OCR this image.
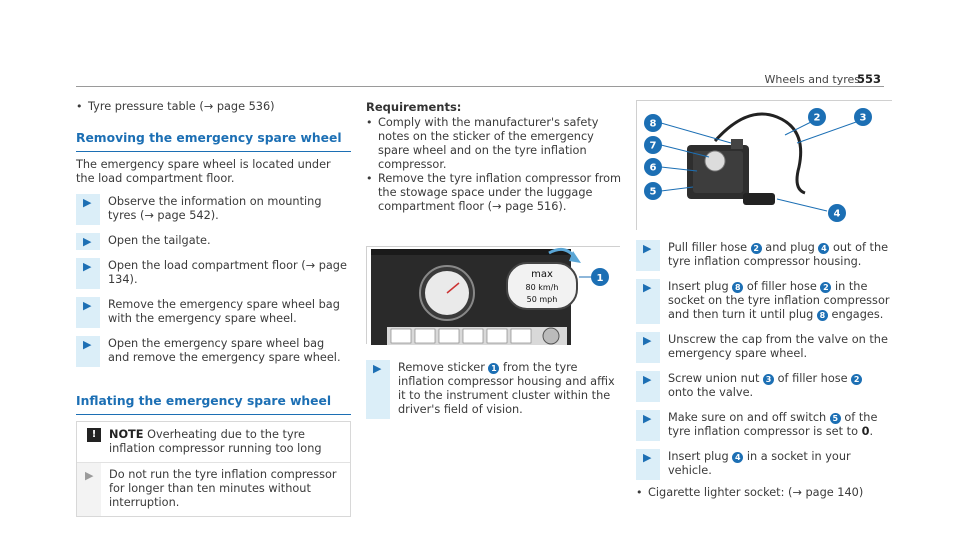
Wheels and tyres
553
• Tyre pressure table (→ page 536)
Removing the emergency spare wheel

The emergency spare wheel is located under the load compartment floor.

▶	Observe the information on mounting tyres (→ page 542).
▶	Open the tailgate.
▶	Open the load compartment floor (→ page 134).
▶	Remove the emergency spare wheel bag with the emergency spare wheel.
▶	Open the emergency spare wheel bag and remove the emergency spare wheel.
Inflating the emergency spare wheel
!	NOTE Overheating due to the tyre inflation compressor running too long
▶	Do not run the tyre inflation compressor for longer than ten minutes without interruption.
Requirements:
• Comply with the manufacturer's safety notes on the sticker of the emergency spare wheel and on the tyre inflation compressor.
• Remove the tyre inflation compressor from the stowage space under the luggage compartment floor (→ page 516).
max
80 km/h
50 mph
1
▶	Remove sticker 1 from the tyre inflation compressor housing and affix it to the instrument cluster within the driver's field of vision.
8
7
6
5
2	3
4
▶	Pull filler hose 2 and plug 4 out of the tyre inflation compressor housing.
▶	Insert plug 8 of filler hose 2 in the socket on the tyre inflation compressor and then turn it until plug 8 engages.
▶	Unscrew the cap from the valve on the emergency spare wheel.
▶	Screw union nut 3 of filler hose 2 onto the valve.
▶	Make sure on and off switch 5 of the tyre inflation compressor is set to 0.
▶	Insert plug 4 in a socket in your vehicle.
• Cigarette lighter socket: (→ page 140)
